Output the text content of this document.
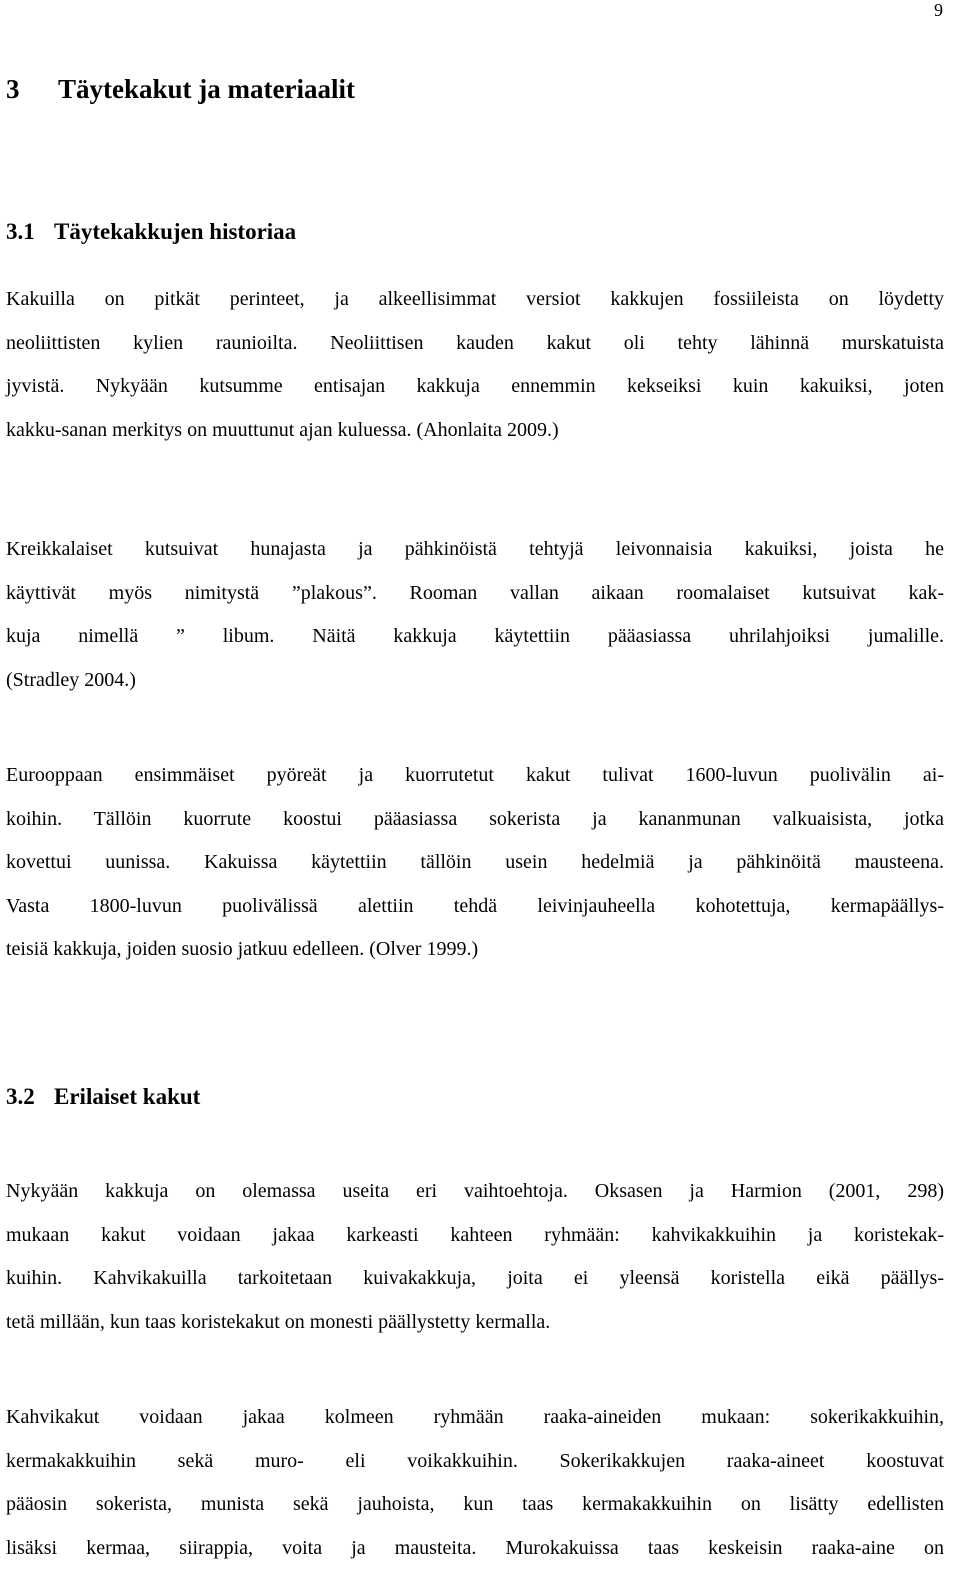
9
3 Täytekakut ja materiaalit
3.1 Täytekakkujen historiaa
Kakuilla on pitkät perinteet, ja alkeellisimmat versiot kakkujen fossiileista on löydetty
neoliittisten kylien raunioilta. Neoliittisen kauden kakut oli tehty lähinnä murskatuista
jyvistä. Nykyään kutsumme entisajan kakkuja ennemmin kekseiksi kuin kakuiksi, joten
kakku-sanan merkitys on muuttunut ajan kuluessa. (Ahonlaita 2009.)
Kreikkalaiset kutsuivat hunajasta ja pähkinöistä tehtyjä leivonnaisia kakuiksi, joista he
käyttivät myös nimitystä ”plakous”. Rooman vallan aikaan roomalaiset kutsuivat kak-
kuja nimellä ” libum. Näitä kakkuja käytettiin pääasiassa uhrilahjoiksi jumalille.
(Stradley 2004.)
Eurooppaan ensimmäiset pyöreät ja kuorrutetut kakut tulivat 1600-luvun puolivälin ai-
koihin. Tällöin kuorrute koostui pääasiassa sokerista ja kananmunan valkuaisista, jotka
kovettui uunissa. Kakuissa käytettiin tällöin usein hedelmiä ja pähkinöitä mausteena.
Vasta 1800-luvun puolivälissä alettiin tehdä leivinjauheella kohotettuja, kermapäällys-
teisiä kakkuja, joiden suosio jatkuu edelleen. (Olver 1999.)
3.2 Erilaiset kakut
Nykyään kakkuja on olemassa useita eri vaihtoehtoja. Oksasen ja Harmion (2001, 298)
mukaan kakut voidaan jakaa karkeasti kahteen ryhmään: kahvikakkuihin ja koristekak-
kuihin. Kahvikakuilla tarkoitetaan kuivakakkuja, joita ei yleensä koristella eikä päällys-
tetä millään, kun taas koristekakut on monesti päällystetty kermalla.
Kahvikakut voidaan jakaa kolmeen ryhmään raaka-aineiden mukaan: sokerikakkuihin,
kermakakkuihin sekä muro- eli voikakkuihin. Sokerikakkujen raaka-aineet koostuvat
pääosin sokerista, munista sekä jauhoista, kun taas kermakakkuihin on lisätty edellisten
lisäksi kermaa, siirappia, voita ja mausteita. Murokakuissa taas keskeisin raaka-aine on
